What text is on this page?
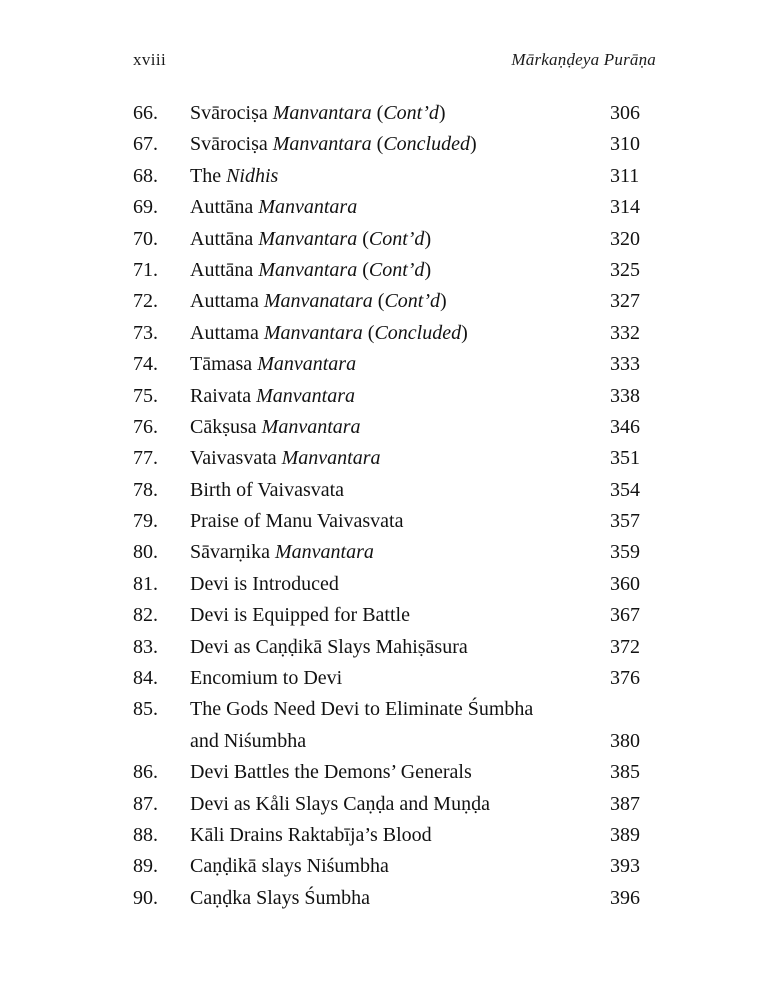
xviii	Mārkaṇḍeya Purāṇa
66.	Svārociṣa Manvantara (Cont’d)	306
67.	Svārociṣa Manvantara (Concluded)	310
68.	The Nidhis	311
69.	Auttāna Manvantara	314
70.	Auttāna Manvantara (Cont’d)	320
71.	Auttāna Manvantara (Cont’d)	325
72.	Auttama Manvanatara (Cont’d)	327
73.	Auttama Manvantara (Concluded)	332
74.	Tāmasa Manvantara	333
75.	Raivata Manvantara	338
76.	Cākṣusa Manvantara	346
77.	Vaivasvata Manvantara	351
78.	Birth of Vaivasvata	354
79.	Praise of Manu Vaivasvata	357
80.	Sāvarṇika Manvantara	359
81.	Devi is Introduced	360
82.	Devi is Equipped for Battle	367
83.	Devi as Caṇḍikā Slays Mahiṣāsura	372
84.	Encomium to Devi	376
85.	The Gods Need Devi to Eliminate Śumbha
and Niśumbha	380
86.	Devi Battles the Demons’ Generals	385
87.	Devi as Kåli Slays Caṇḍa and Muṇḍa	387
88.	Kāli Drains Raktabīja’s Blood	389
89.	Caṇḍikā slays Niśumbha	393
90.	Caṇḍka Slays Śumbha	396
